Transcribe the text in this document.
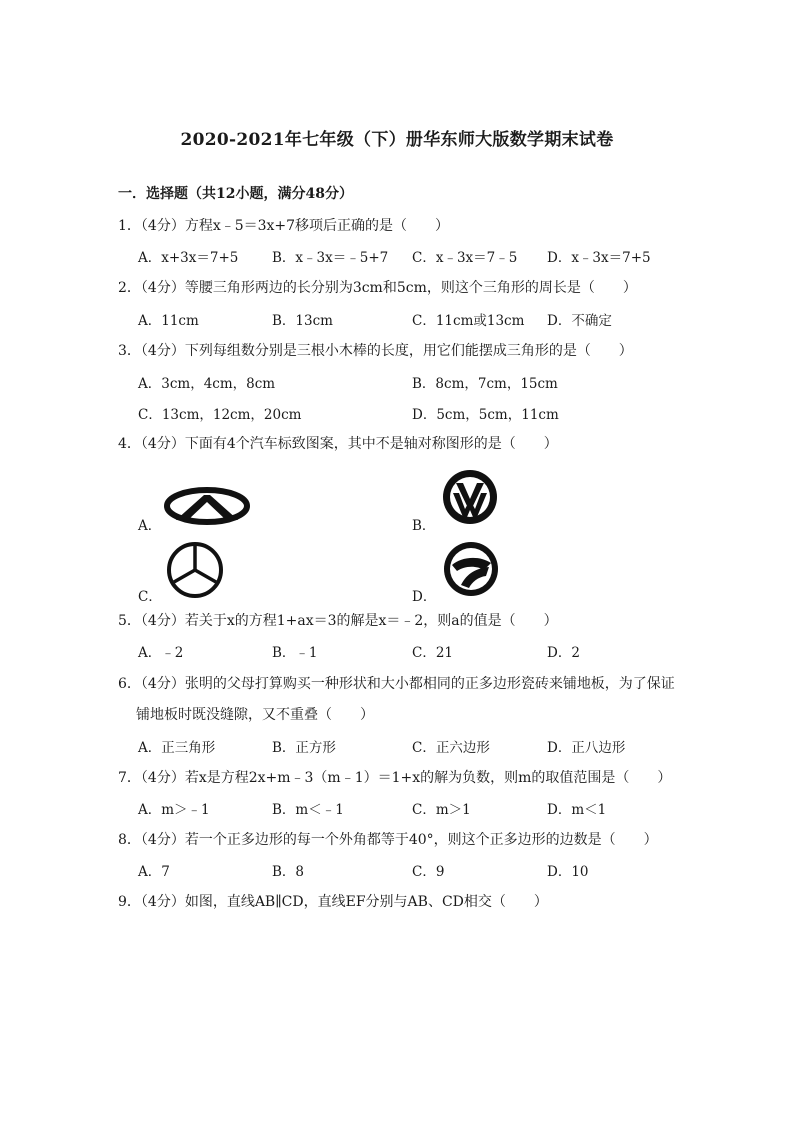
2020-2021年七年级（下）册华东师大版数学期末试卷
一．选择题（共12小题，满分48分）
1．（4分）方程x﹣5＝3x+7移项后正确的是（　　）
A．x+3x＝7+5 B．x﹣3x＝﹣5+7 C．x﹣3x＝7﹣5 D．x﹣3x＝7+5
2．（4分）等腰三角形两边的长分别为3cm和5cm，则这个三角形的周长是（　　）
A．11cm	B．13cm	C．11cm或13cm D．不确定
3．（4分）下列每组数分别是三根小木棒的长度，用它们能摆成三角形的是（　　）
A．3cm，4cm，8cm	B．8cm，7cm，15cm
C．13cm，12cm，20cm	D．5cm，5cm，11cm
4．（4分）下面有4个汽车标致图案，其中不是轴对称图形的是（　　）
A．	B．
C．	D．
5．（4分）若关于x的方程1+ax＝3的解是x＝﹣2，则a的值是（　　）
A．﹣2	B．﹣1	C．21	D．2
6．（4分）张明的父母打算购买一种形状和大小都相同的正多边形瓷砖来铺地板，为了保证
铺地板时既没缝隙，又不重叠（　　）
A．正三角形	B．正方形	C．正六边形	D．正八边形
7．（4分）若x是方程2x+m﹣3（m﹣1）＝1+x的解为负数，则m的取值范围是（　　）
A．m＞﹣1	B．m＜﹣1	C．m＞1	D．m＜1
8．（4分）若一个正多边形的每一个外角都等于40°，则这个正多边形的边数是（　　）
A．7	B．8	C．9	D．10
9．（4分）如图，直线AB∥CD，直线EF分别与AB、CD相交（　　）
